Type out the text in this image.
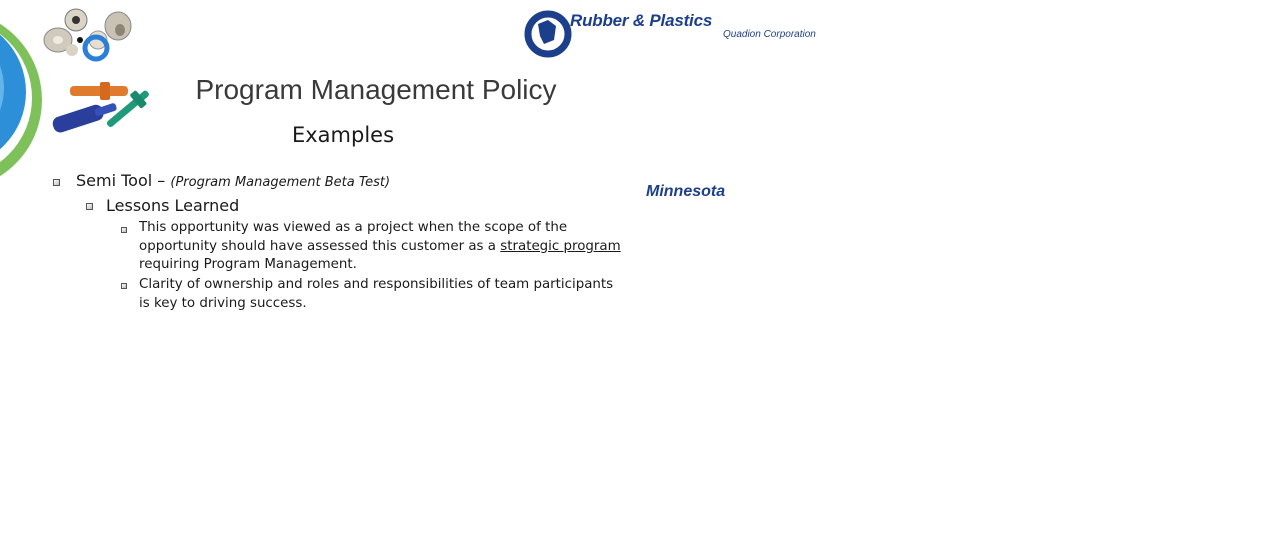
Minnesota
Rubber & Plastics
Quadion Corporation
Program Management Policy
Examples
Semi Tool – (Program Management Beta Test)
Lessons Learned
This opportunity was viewed as a project when the scope of the
opportunity should have assessed this customer as a strategic program
requiring Program Management.
Clarity of ownership and roles and responsibilities of team participants
is key to driving success.
